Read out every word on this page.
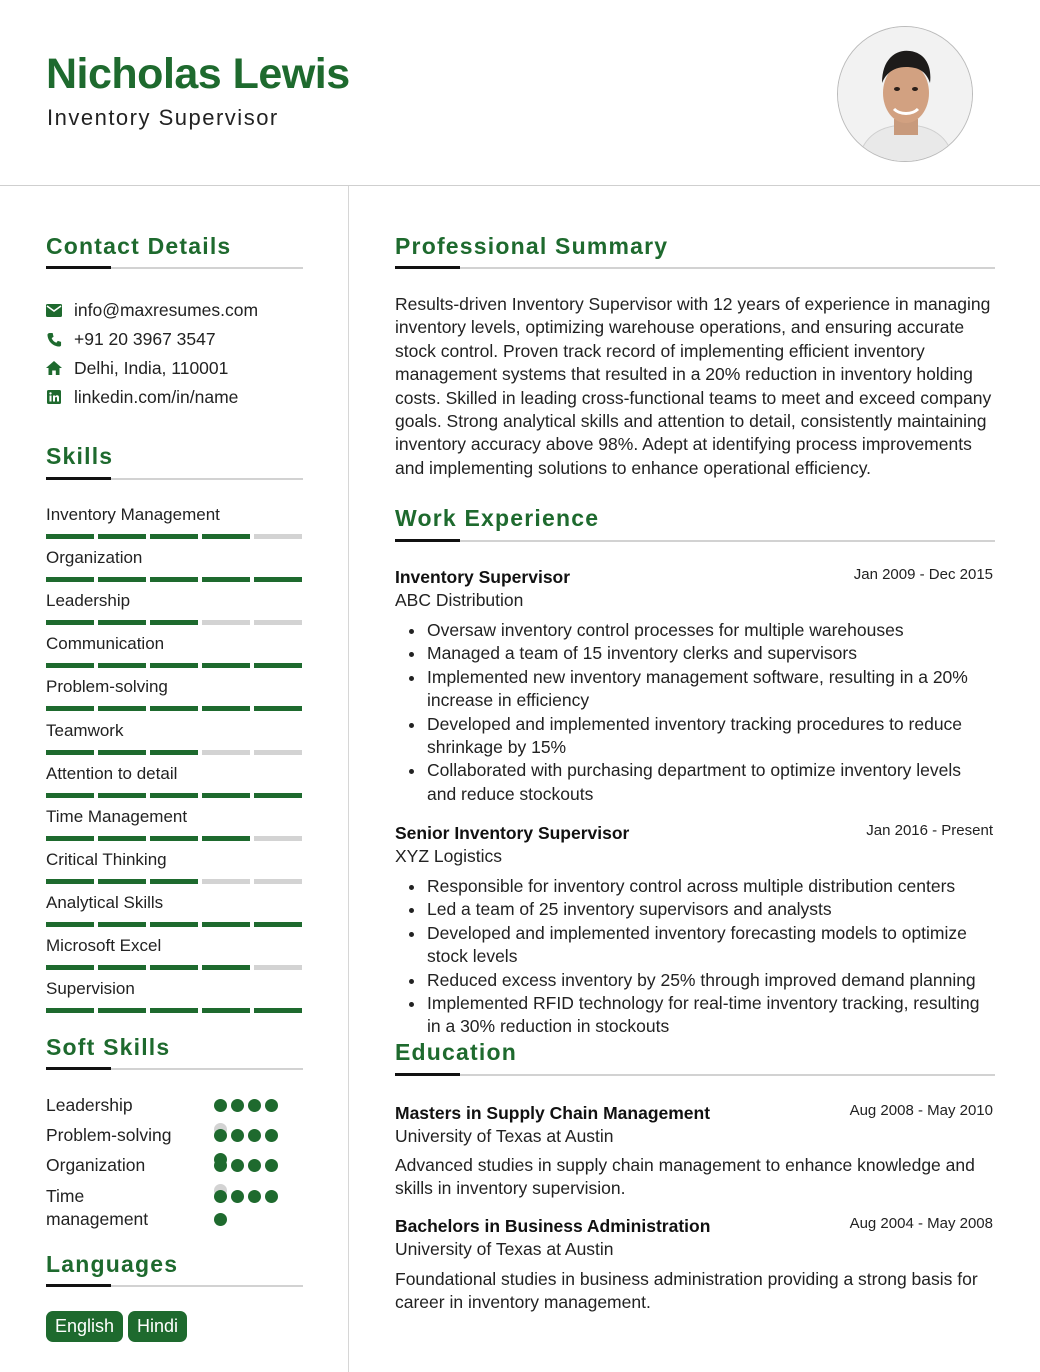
Nicholas Lewis
Inventory Supervisor
Contact Details
info@maxresumes.com
+91 20 3967 3547
Delhi, India, 110001
linkedin.com/in/name
Skills
Inventory Management
Organization
Leadership
Communication
Problem-solving
Teamwork
Attention to detail
Time Management
Critical Thinking
Analytical Skills
Microsoft Excel
Supervision
Soft Skills
Leadership
Problem-solving
Organization
Time management
Languages
English	Hindi
Professional Summary
Results-driven Inventory Supervisor with 12 years of experience in managing inventory levels, optimizing warehouse operations, and ensuring accurate stock control. Proven track record of implementing efficient inventory management systems that resulted in a 20% reduction in inventory holding costs. Skilled in leading cross-functional teams to meet and exceed company goals. Strong analytical skills and attention to detail, consistently maintaining inventory accuracy above 98%. Adept at identifying process improvements and implementing solutions to enhance operational efficiency.
Work Experience
Inventory Supervisor	Jan 2009 - Dec 2015
ABC Distribution
Oversaw inventory control processes for multiple warehouses
Managed a team of 15 inventory clerks and supervisors
Implemented new inventory management software, resulting in a 20% increase in efficiency
Developed and implemented inventory tracking procedures to reduce shrinkage by 15%
Collaborated with purchasing department to optimize inventory levels and reduce stockouts
Senior Inventory Supervisor	Jan 2016 - Present
XYZ Logistics
Responsible for inventory control across multiple distribution centers
Led a team of 25 inventory supervisors and analysts
Developed and implemented inventory forecasting models to optimize stock levels
Reduced excess inventory by 25% through improved demand planning
Implemented RFID technology for real-time inventory tracking, resulting in a 30% reduction in stockouts
Education
Masters in Supply Chain Management	Aug 2008 - May 2010
University of Texas at Austin
Advanced studies in supply chain management to enhance knowledge and skills in inventory supervision.
Bachelors in Business Administration	Aug 2004 - May 2008
University of Texas at Austin
Foundational studies in business administration providing a strong basis for career in inventory management.
